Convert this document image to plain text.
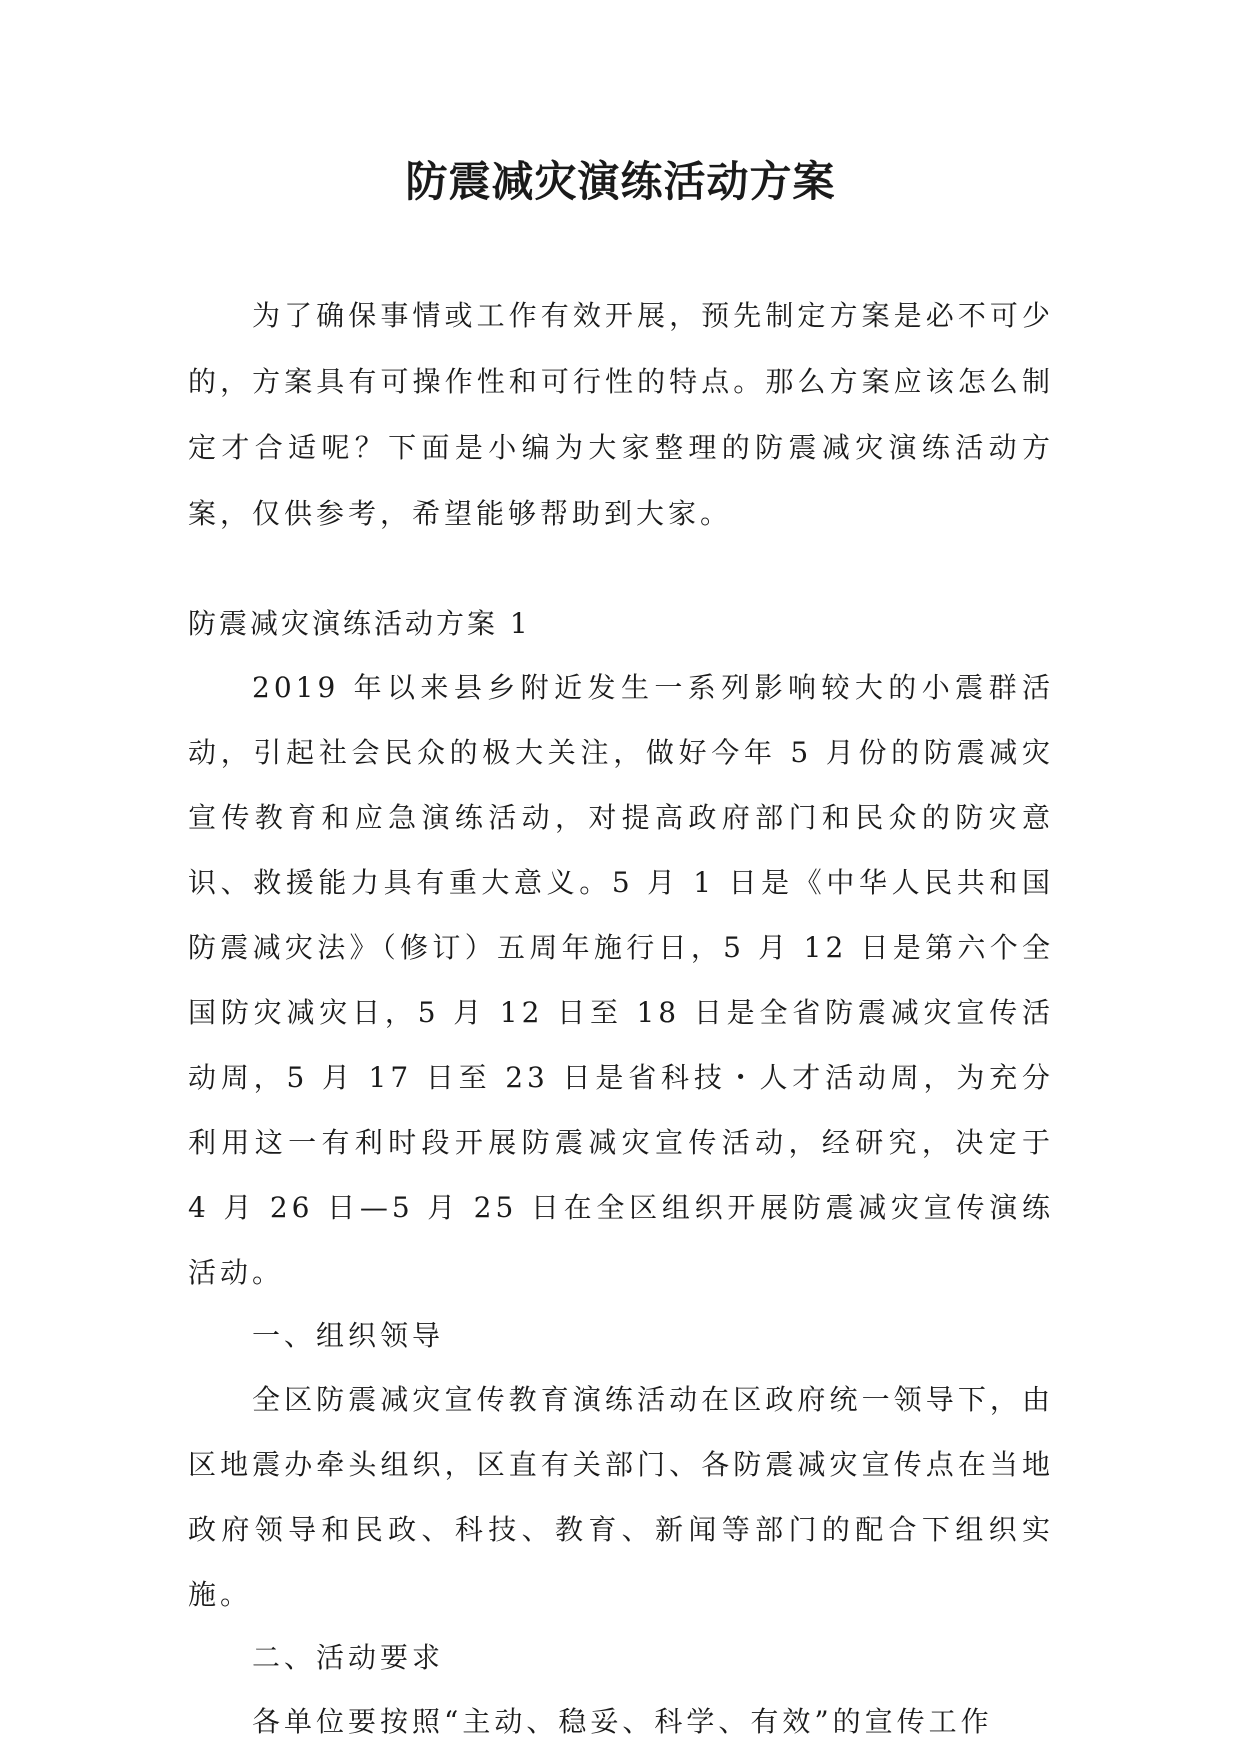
防震减灾演练活动方案

为了确保事情或工作有效开展，预先制定方案是必不可少的，方案具有可操作性和可行性的特点。那么方案应该怎么制定才合适呢？下面是小编为大家整理的防震减灾演练活动方案，仅供参考，希望能够帮助到大家。

防震减灾演练活动方案 1

2019 年以来县乡附近发生一系列影响较大的小震群活动，引起社会民众的极大关注，做好今年 5 月份的防震减灾宣传教育和应急演练活动，对提高政府部门和民众的防灾意识、救援能力具有重大意义。5 月 1 日是《中华人民共和国防震减灾法》（修订）五周年施行日，5 月 12 日是第六个全国防灾减灾日，5 月 12 日至 18 日是全省防震减灾宣传活动周，5 月 17 日至 23 日是省科技・人才活动周，为充分利用这一有利时段开展防震减灾宣传活动，经研究，决定于 4 月 26 日—5 月 25 日在全区组织开展防震减灾宣传演练活动。

一、组织领导

全区防震减灾宣传教育演练活动在区政府统一领导下，由区地震办牵头组织，区直有关部门、各防震减灾宣传点在当地政府领导和民政、科技、教育、新闻等部门的配合下组织实施。

二、活动要求

各单位要按照“主动、稳妥、科学、有效”的宣传工作
